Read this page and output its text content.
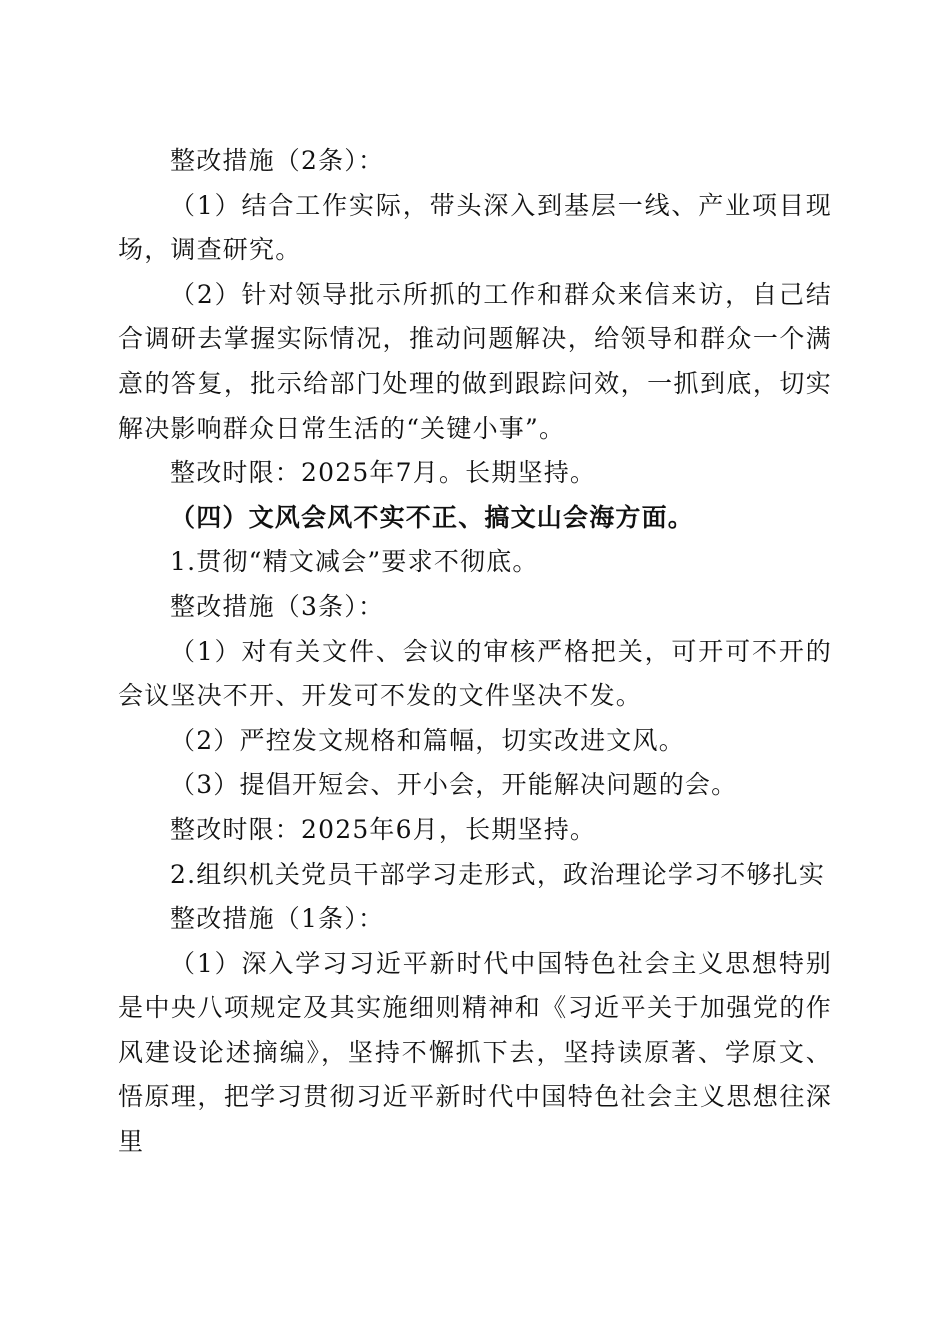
整改措施（2条）：

（1）结合工作实际，带头深入到基层一线、产业项目现场，调查研究。

（2）针对领导批示所抓的工作和群众来信来访，自己结合调研去掌握实际情况，推动问题解决，给领导和群众一个满意的答复，批示给部门处理的做到跟踪问效，一抓到底，切实解决影响群众日常生活的“关键小事”。

整改时限：2025年7月。长期坚持。

（四）文风会风不实不正、搞文山会海方面。

1.贯彻“精文减会”要求不彻底。

整改措施（3条）：

（1）对有关文件、会议的审核严格把关，可开可不开的会议坚决不开、开发可不发的文件坚决不发。

（2）严控发文规格和篇幅，切实改进文风。

（3）提倡开短会、开小会，开能解决问题的会。

整改时限：2025年6月，长期坚持。

2.组织机关党员干部学习走形式，政治理论学习不够扎实

整改措施（1条）：

（1）深入学习习近平新时代中国特色社会主义思想特别是中央八项规定及其实施细则精神和《习近平关于加强党的作风建设论述摘编》，坚持不懈抓下去，坚持读原著、学原文、悟原理，把学习贯彻习近平新时代中国特色社会主义思想往深里
